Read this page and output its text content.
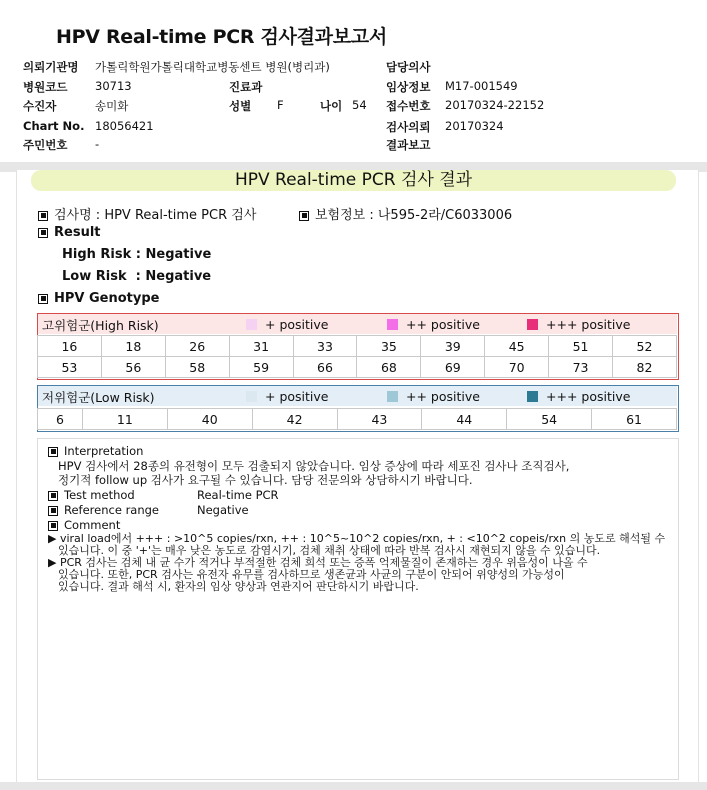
HPV Real-time PCR 검사결과보고서
의뢰기관명 가톨릭학원가톨릭대학교병동센트 병원(병리과)
병원코드 30713	진료과
수진자	송미화	성별 F	나이 54
Chart No. 18056421
주민번호 -
담당의사
임상정보 M17-001549
접수번호 20170324-22152
검사의뢰 20170324
결과보고
HPV Real-time PCR 검사 결과
검사명 : HPV Real-time PCR 검사	보험정보 : 나595-2라/C6033006
Result
High Risk : Negative
Low Risk  : Negative
HPV Genotype
고위험군(High Risk)	+ positive	++ positive	+++ positive
16	18	26	31	33	35	39	45	51	52
53	56	58	59	66	68	69	70	73	82
저위험군(Low Risk)	+ positive	++ positive	+++ positive
6	11	40	42	43	44	54	61
Interpretation
HPV 검사에서 28종의 유전형이 모두 검출되지 않았습니다. 임상 증상에 따라 세포진 검사나 조직검사,
정기적 follow up 검사가 요구될 수 있습니다. 담당 전문의와 상담하시기 바랍니다.
Test method	Real-time PCR
Reference range	Negative
Comment
▶ viral load에서 +++ : >10^5 copies/rxn, ++ : 10^5~10^2 copies/rxn, + : <10^2 copeis/rxn 의 농도로 해석될 수
있습니다. 이 중 '+'는 매우 낮은 농도로 감염시기, 검체 채취 상태에 따라 반복 검사시 재현되지 않을 수 있습니다.
▶ PCR 검사는 검체 내 균 수가 적거나 부적절한 검체 희석 또는 증폭 억제물질이 존재하는 경우 위음성이 나올 수
있습니다. 또한, PCR 검사는 유전자 유무를 검사하므로 생존균과 사균의 구분이 안되어 위양성의 가능성이
있습니다. 결과 해석 시, 환자의 임상 양상과 연관지어 판단하시기 바랍니다.
